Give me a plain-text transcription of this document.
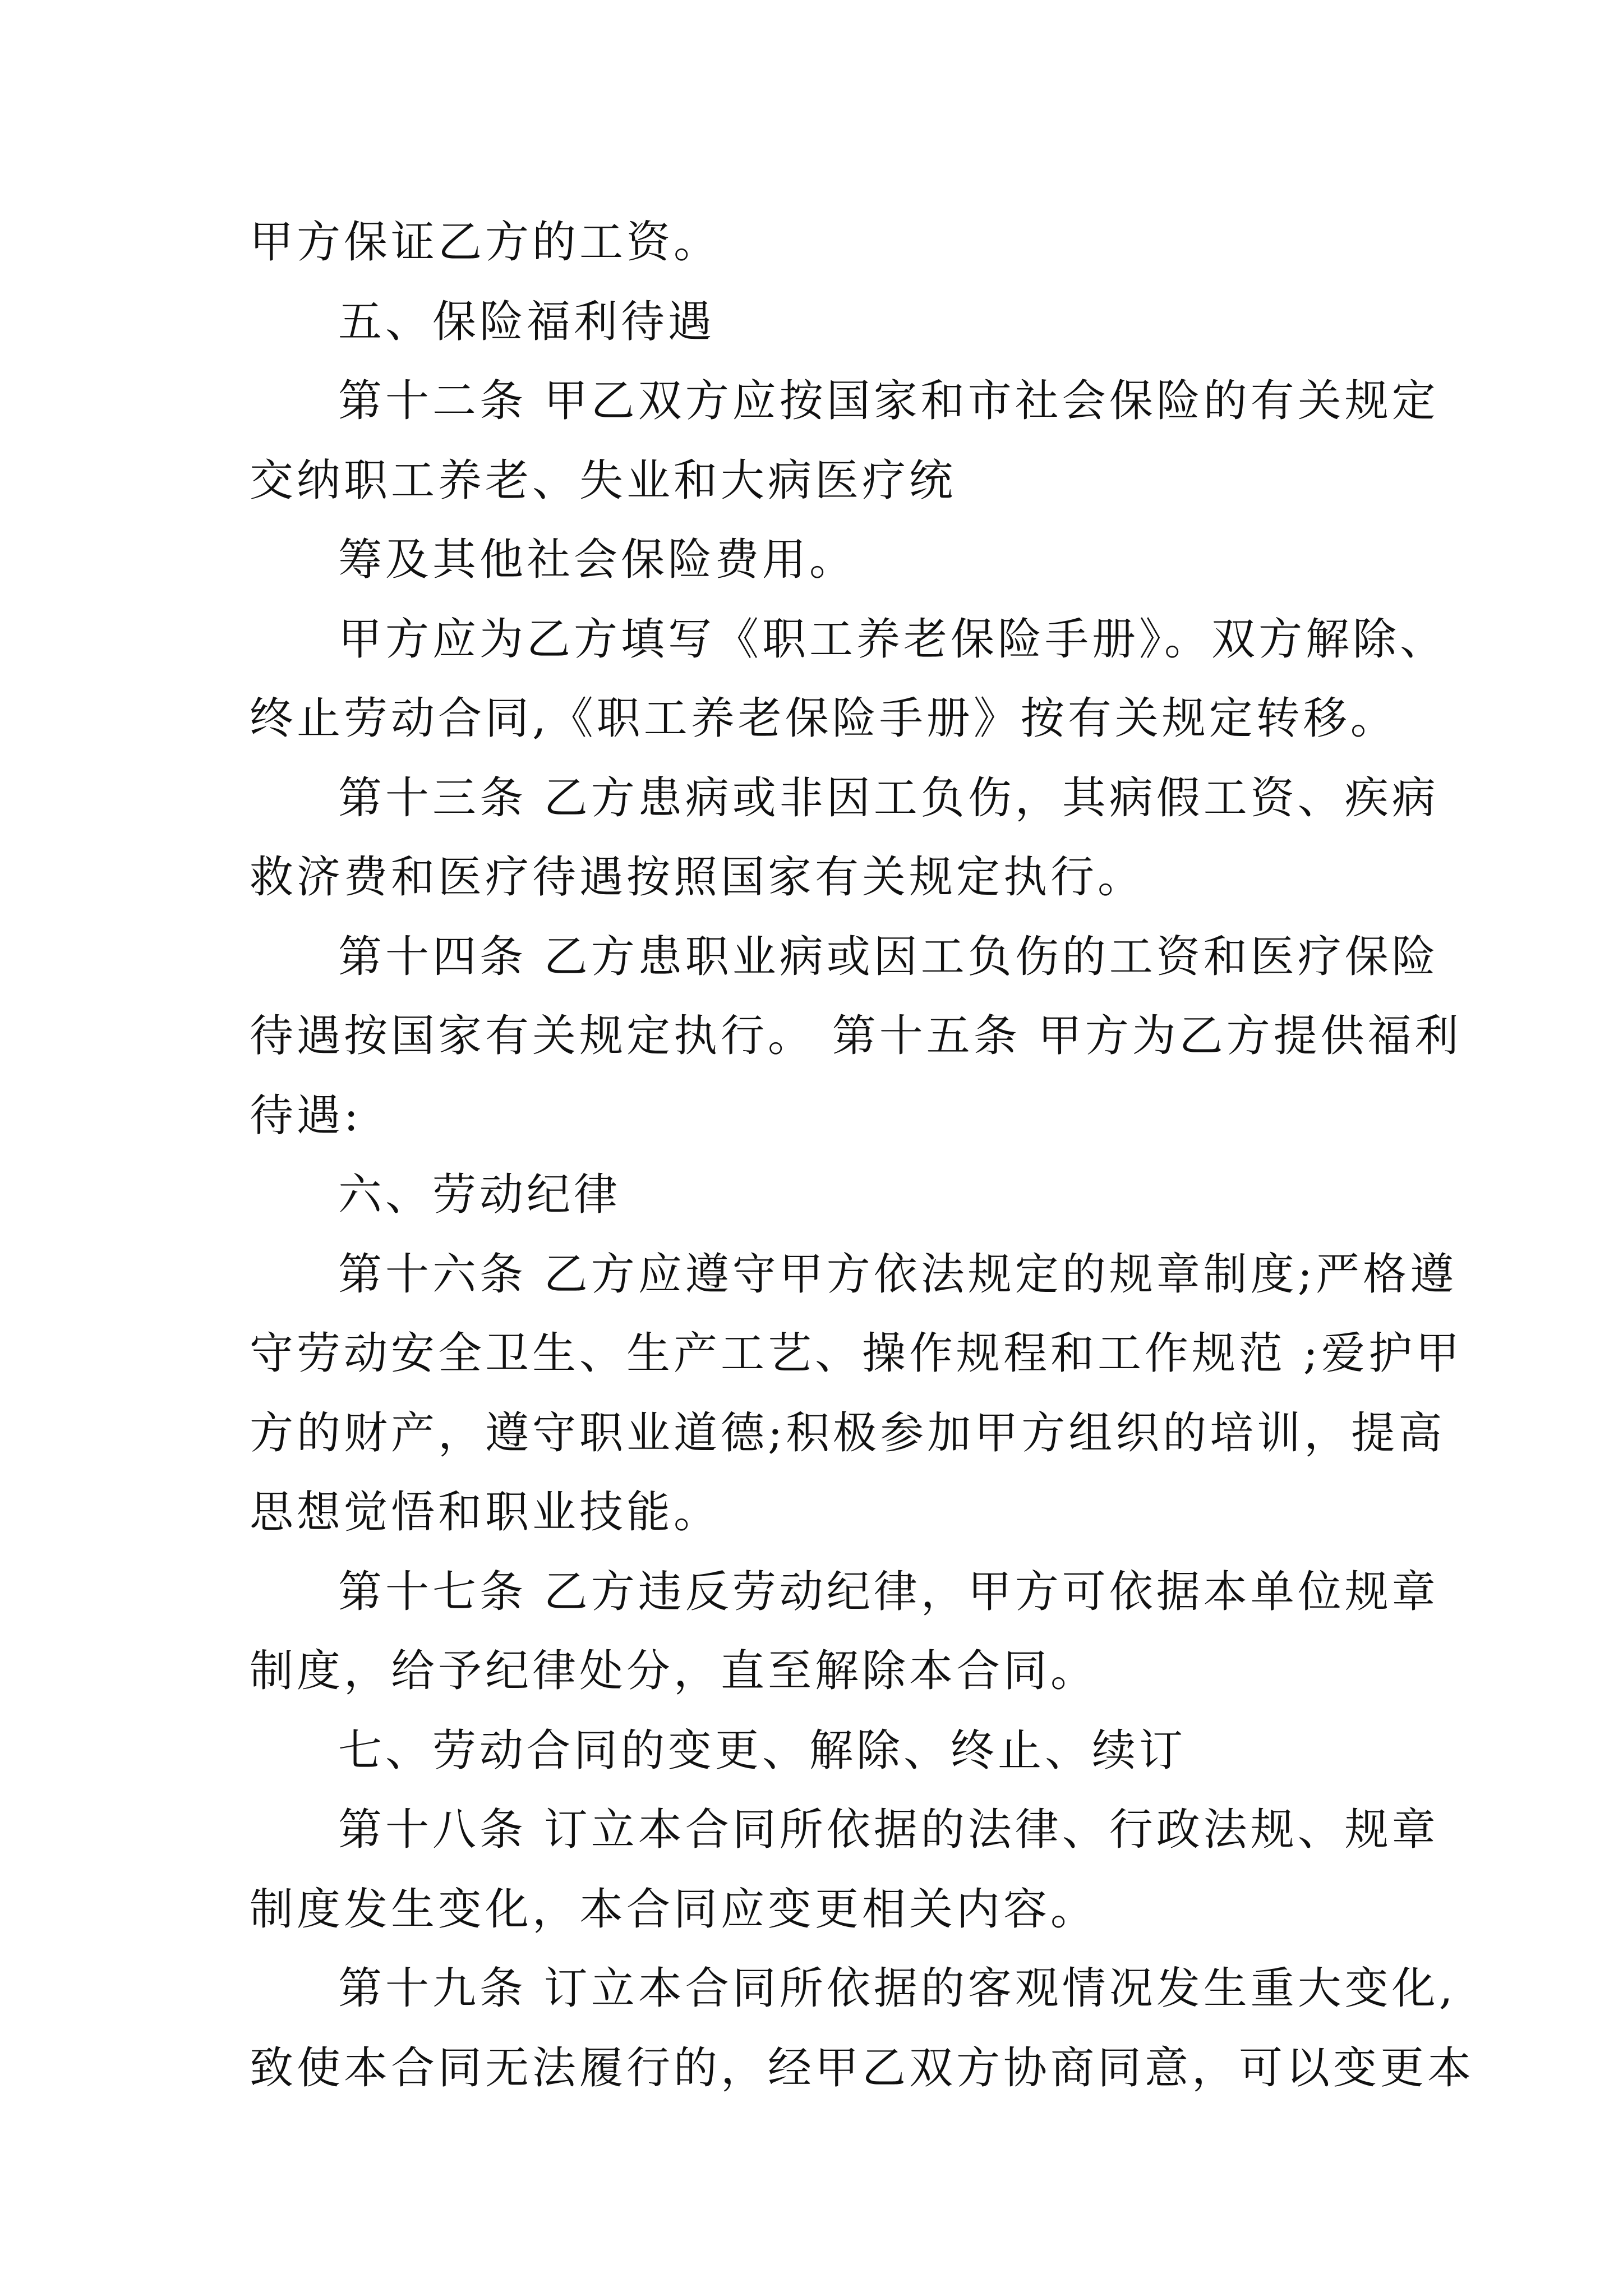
甲方保证乙方的工资。
五、保险福利待遇
第十二条 甲乙双方应按国家和市社会保险的有关规定
交纳职工养老、失业和大病医疗统
筹及其他社会保险费用。
甲方应为乙方填写《职工养老保险手册》。双方解除、
终止劳动合同,《职工养老保险手册》按有关规定转移。
第十三条 乙方患病或非因工负伤，其病假工资、疾病
救济费和医疗待遇按照国家有关规定执行。
第十四条 乙方患职业病或因工负伤的工资和医疗保险
待遇按国家有关规定执行。 第十五条 甲方为乙方提供福利
待遇:
六、劳动纪律
第十六条 乙方应遵守甲方依法规定的规章制度;严格遵
守劳动安全卫生、生产工艺、操作规程和工作规范 ;爱护甲
方的财产，遵守职业道德;积极参加甲方组织的培训，提高
思想觉悟和职业技能。
第十七条 乙方违反劳动纪律，甲方可依据本单位规章
制度，给予纪律处分，直至解除本合同。
七、劳动合同的变更、解除、终止、续订
第十八条 订立本合同所依据的法律、行政法规、规章
制度发生变化，本合同应变更相关内容。
第十九条 订立本合同所依据的客观情况发生重大变化,
致使本合同无法履行的，经甲乙双方协商同意，可以变更本
